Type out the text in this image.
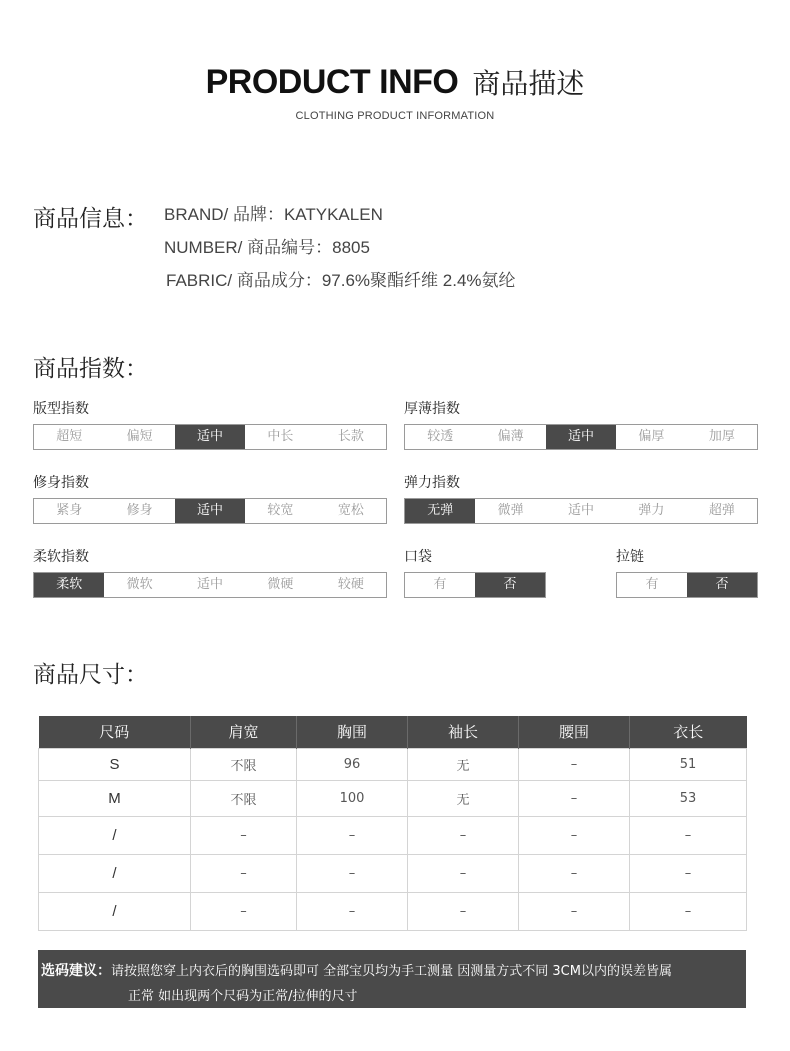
PRODUCT INFO 商品描述
CLOTHING PRODUCT INFORMATION
商品信息： BRAND/ 品牌：KATYKALEN
NUMBER/ 商品编号：8805
FABRIC/ 商品成分：97.6%聚酯纤维 2.4%氨纶
商品指数：
版型指数
超短	偏短	适中	中长	长款
厚薄指数
较透	偏薄	适中	偏厚	加厚
修身指数
紧身	修身	适中	较宽	宽松
弹力指数
无弹	微弹	适中	弹力	超弹
柔软指数
柔软	微软	适中	微硬	较硬
口袋
有	否
拉链
有	否
商品尺寸：
尺码	肩宽	胸围	袖长	腰围	衣长
S	不限	96	无	–	51
M	不限	100	无	–	53
/	–	–	–	–	–
/	–	–	–	–	–
/	–	–	–	–	–
选码建议：请按照您穿上内衣后的胸围选码即可 全部宝贝均为手工测量 因测量方式不同 3CM以内的误差皆属
正常 如出现两个尺码为正常/拉伸的尺寸
